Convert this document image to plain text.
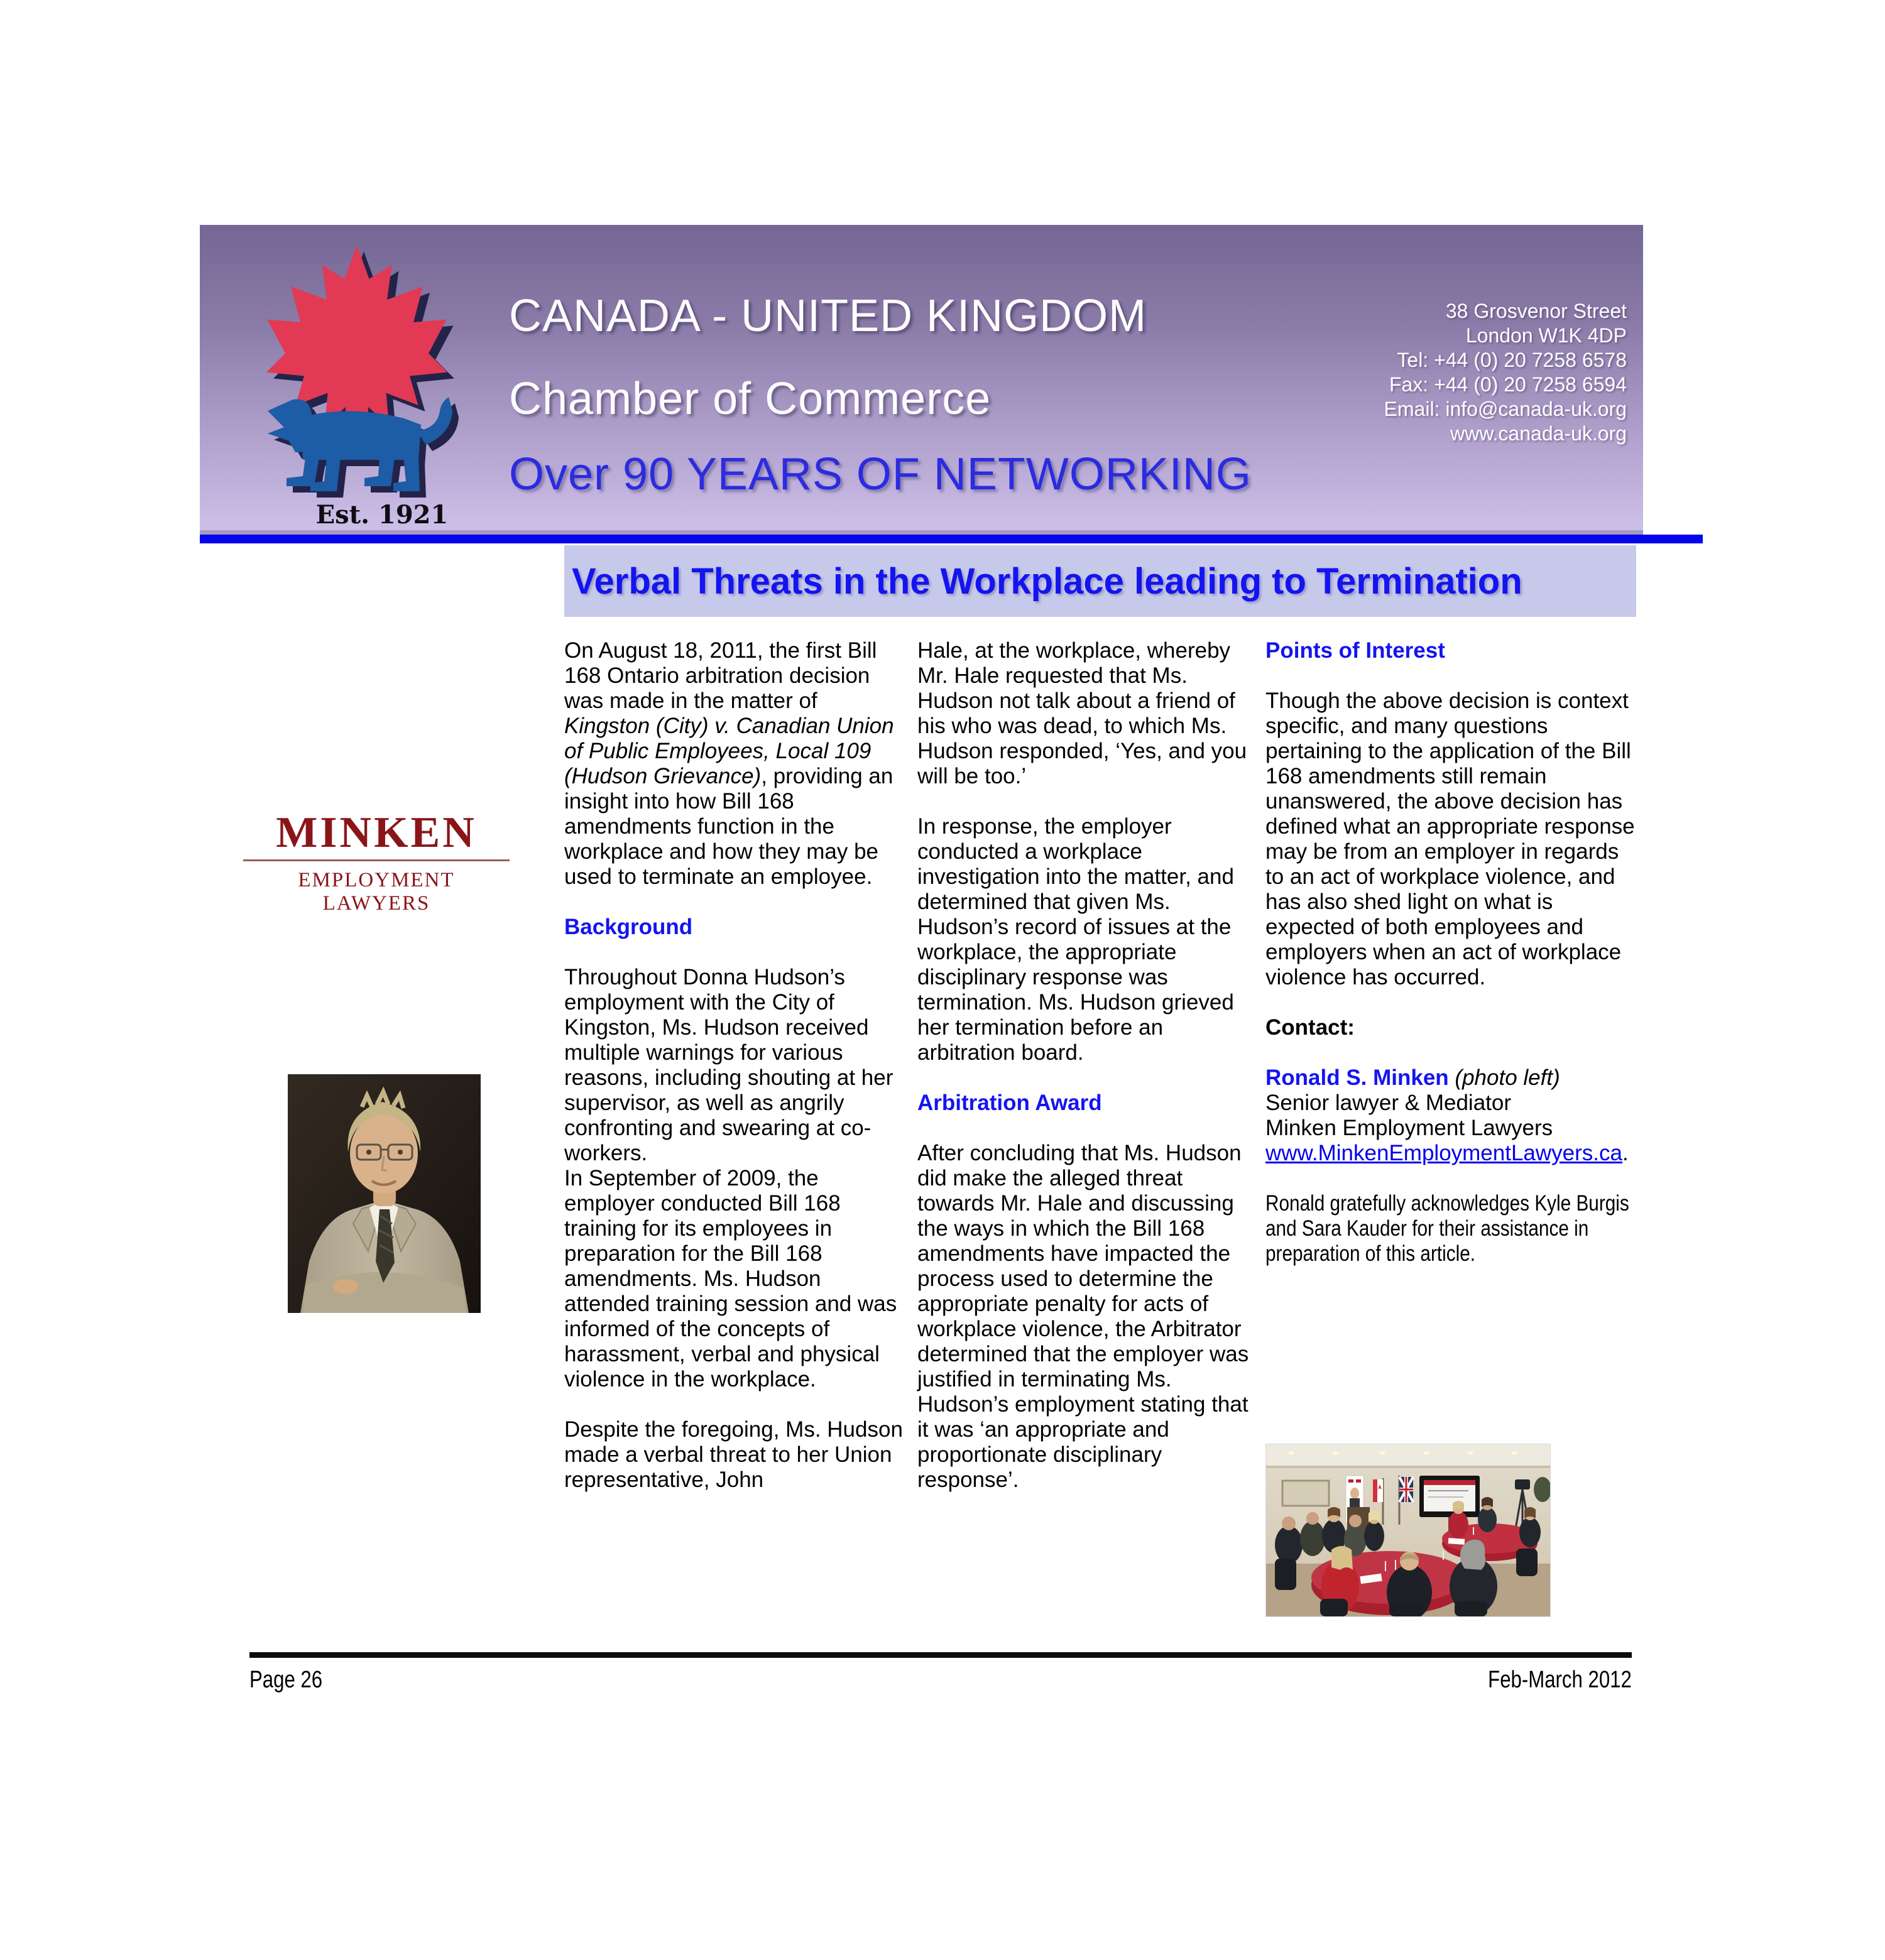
Est. 1921
CANADA - UNITED KINGDOM
Chamber of Commerce
Over 90 YEARS OF NETWORKING
38 Grosvenor Street
London W1K 4DP
Tel: +44 (0) 20 7258 6578
Fax: +44 (0) 20 7258 6594
Email: info@canada-uk.org
www.canada-uk.org
Verbal Threats in the Workplace leading to Termination
MINKEN
EMPLOYMENT LAWYERS

On August 18, 2011, the first Bill 168 Ontario arbitration decision was made in the matter of Kingston (City) v. Canadian Union of Public Employees, Local 109 (Hudson Grievance), providing an insight into how Bill 168 amendments function in the workplace and how they may be used to terminate an employee.

Background

Throughout Donna Hudson’s employment with the City of Kingston, Ms. Hudson received multiple warnings for various reasons, including shouting at her supervisor, as well as angrily confronting and swearing at co-workers.

In September of 2009, the employer conducted Bill 168 training for its employees in preparation for the Bill 168 amendments. Ms. Hudson attended training session and was informed of the concepts of harassment, verbal and physical violence in the workplace.

Despite the foregoing, Ms. Hudson made a verbal threat to her Union representative, John

Hale, at the workplace, whereby Mr. Hale requested that Ms. Hudson not talk about a friend of his who was dead, to which Ms. Hudson responded, ‘Yes, and you will be too.’

In response, the employer conducted a workplace investigation into the matter, and determined that given Ms. Hudson’s record of issues at the workplace, the appropriate disciplinary response was termination. Ms. Hudson grieved her termination before an arbitration board.

Arbitration Award

After concluding that Ms. Hudson did make the alleged threat towards Mr. Hale and discussing the ways in which the Bill 168 amendments have impacted the process used to determine the appropriate penalty for acts of workplace violence, the Arbitrator determined that the employer was justified in terminating Ms. Hudson’s employment stating that it was ‘an appropriate and proportionate disciplinary response’.

Points of Interest

Though the above decision is context specific, and many questions pertaining to the application of the Bill 168 amendments still remain unanswered, the above decision has defined what an appropriate response may be from an employer in regards to an act of workplace violence, and has also shed light on what is expected of both employees and employers when an act of workplace violence has occurred.

Contact:
Ronald S. Minken (photo left)
Senior lawyer & Mediator
Minken Employment Lawyers
www.MinkenEmploymentLawyers.ca.

Ronald gratefully acknowledges Kyle Burgis and Sara Kauder for their assistance in preparation of this article.

Page 26	Feb-March 2012
